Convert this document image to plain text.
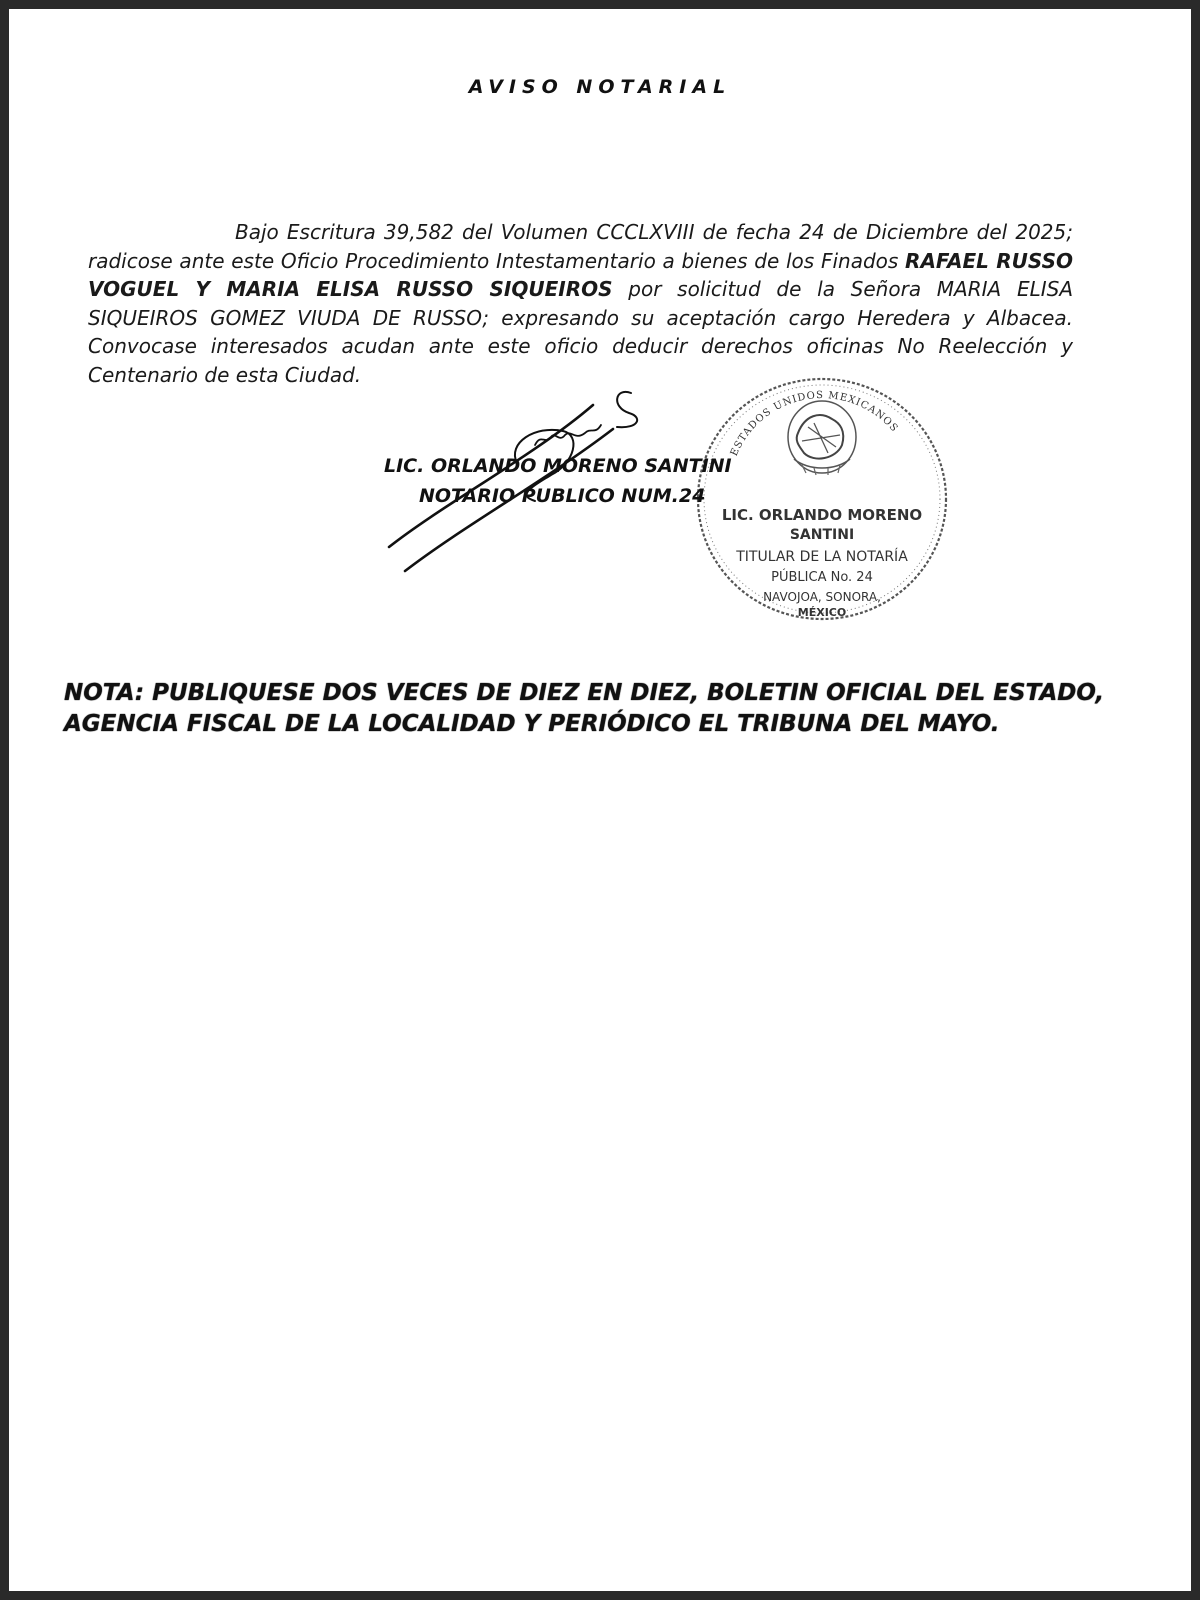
AVISO NOTARIAL

Bajo Escritura 39,582 del Volumen CCCLXVIII de fecha 24 de Diciembre del 2025; radicose ante este Oficio Procedimiento Intestamentario a bienes de los Finados RAFAEL RUSSO VOGUEL Y MARIA ELISA RUSSO SIQUEIROS por solicitud de la Señora MARIA ELISA SIQUEIROS GOMEZ VIUDA DE RUSSO; expresando su aceptación cargo Heredera y Albacea. Convocase interesados acudan ante este oficio deducir derechos oficinas No Reelección y Centenario de esta Ciudad.

ESTADOS UNIDOS MEXICANOS
LIC. ORLANDO MORENO
SANTINI
TITULAR DE LA NOTARÍA
PÚBLICA No. 24
NAVOJOA, SONORA,
MÉXICO
LIC. ORLANDO MORENO SANTINI
NOTARIO PUBLICO NUM.24
NOTA: PUBLIQUESE DOS VECES DE DIEZ EN DIEZ, BOLETIN OFICIAL DEL ESTADO, AGENCIA FISCAL DE LA LOCALIDAD Y PERIÓDICO EL TRIBUNA DEL MAYO.
